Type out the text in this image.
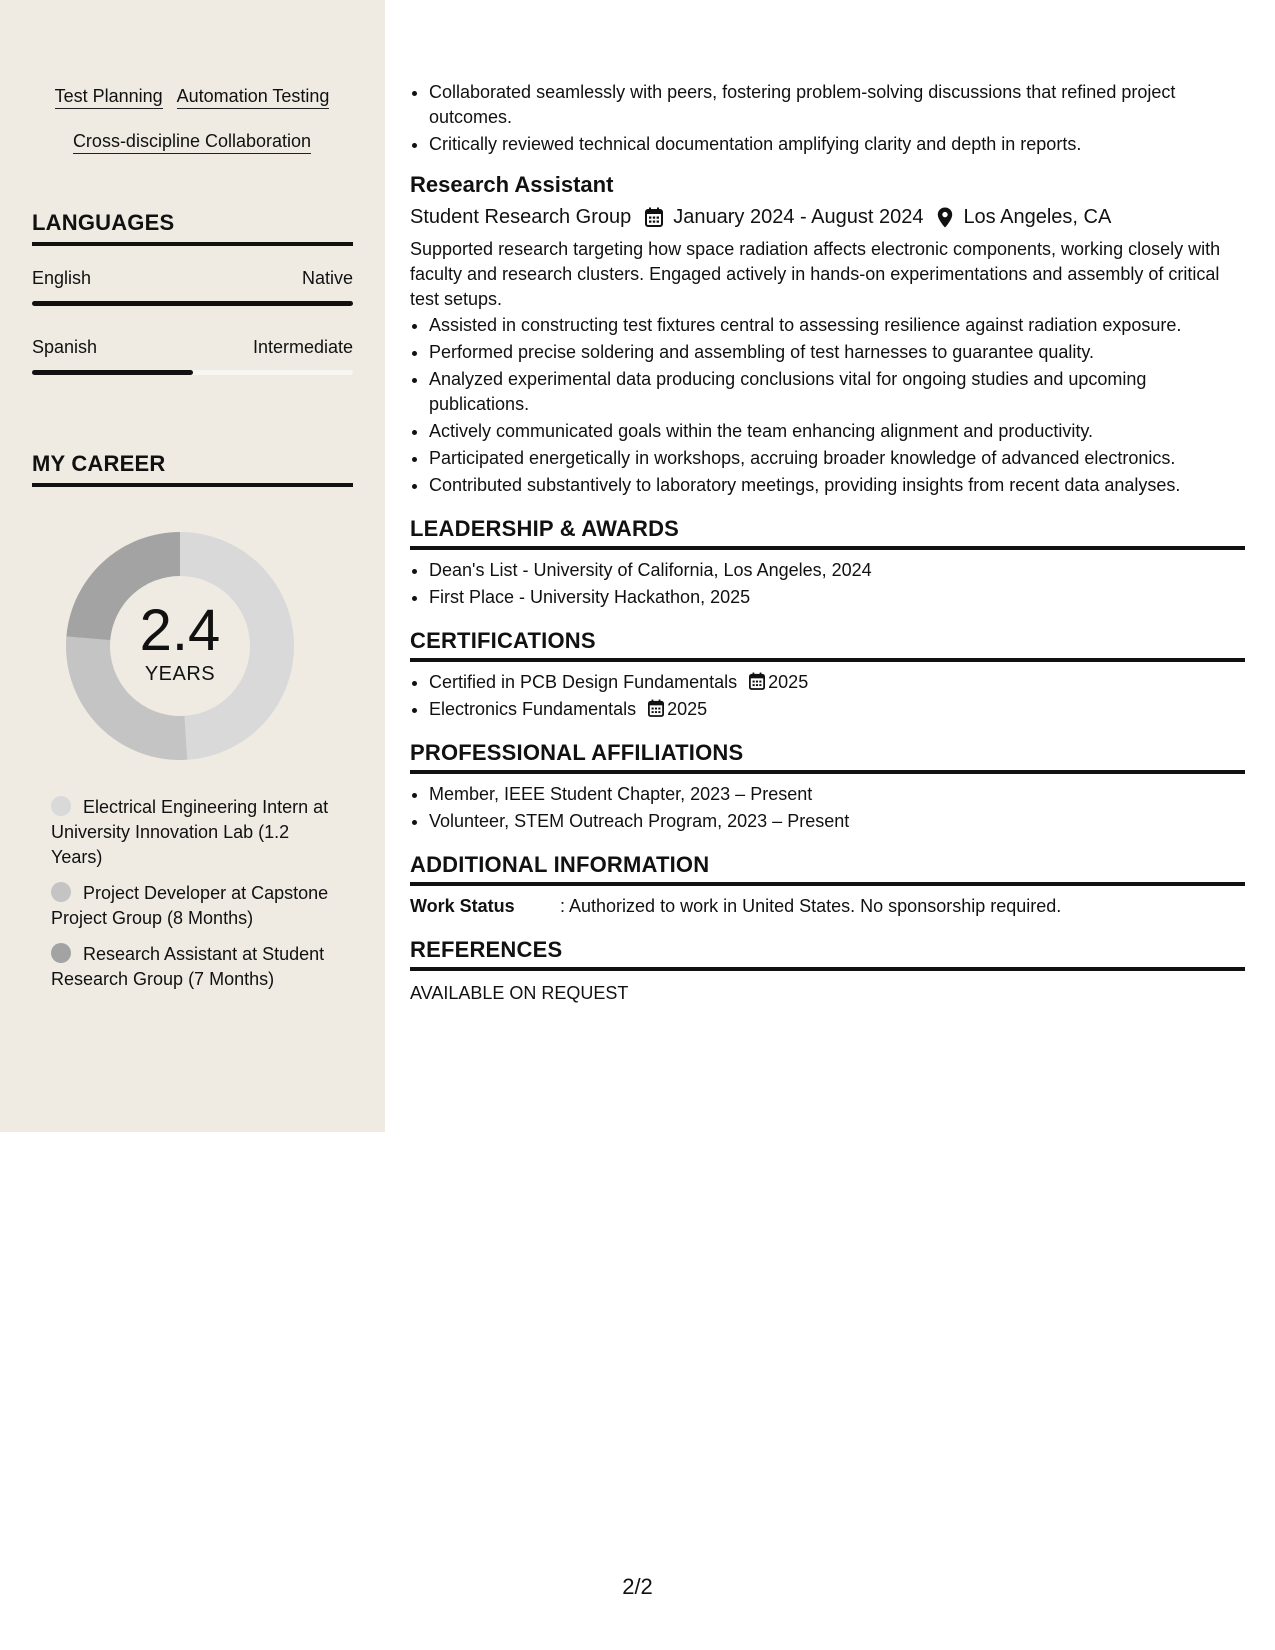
Test Planning Automation Testing
Cross-discipline Collaboration
LANGUAGES
English	Native
Spanish	Intermediate
MY CAREER
2.4
YEARS
Electrical Engineering Intern at University Innovation Lab (1.2 Years)
Project Developer at Capstone Project Group (8 Months)
Research Assistant at Student Research Group (7 Months)
• Collaborated seamlessly with peers, fostering problem-solving discussions that refined project outcomes.
• Critically reviewed technical documentation amplifying clarity and depth in reports.
Research Assistant
Student Research Group January 2024 - August 2024 Los Angeles, CA
Supported research targeting how space radiation affects electronic components, working closely with faculty and research clusters. Engaged actively in hands-on experimentations and assembly of critical test setups.
• Assisted in constructing test fixtures central to assessing resilience against radiation exposure.
• Performed precise soldering and assembling of test harnesses to guarantee quality.
• Analyzed experimental data producing conclusions vital for ongoing studies and upcoming publications.
• Actively communicated goals within the team enhancing alignment and productivity.
• Participated energetically in workshops, accruing broader knowledge of advanced electronics.
• Contributed substantively to laboratory meetings, providing insights from recent data analyses.
LEADERSHIP & AWARDS
• Dean's List - University of California, Los Angeles, 2024
• First Place - University Hackathon, 2025
CERTIFICATIONS
• Certified in PCB Design Fundamentals 2025
• Electronics Fundamentals 2025
PROFESSIONAL AFFILIATIONS
• Member, IEEE Student Chapter, 2023 – Present
• Volunteer, STEM Outreach Program, 2023 – Present
ADDITIONAL INFORMATION
Work Status	: Authorized to work in United States. No sponsorship required.
REFERENCES
AVAILABLE ON REQUEST
2/2
